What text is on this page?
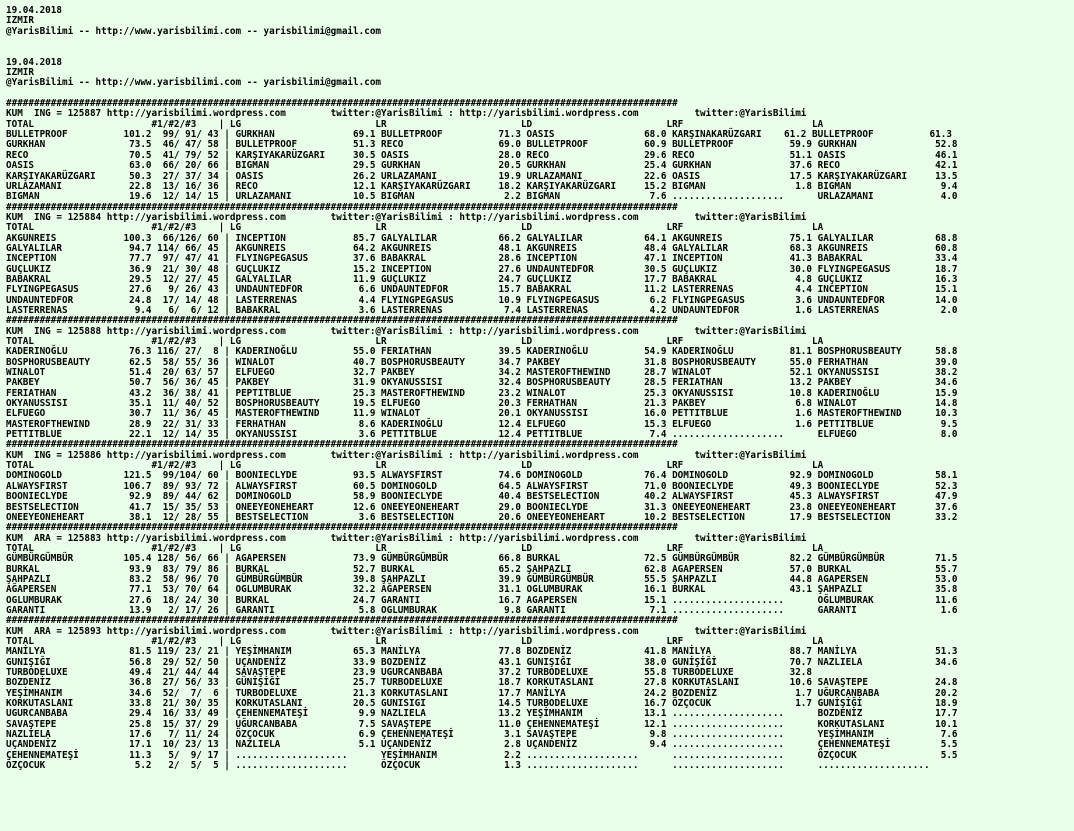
19.04.2018
IZMIR
@YarisBilimi -- http://www.yarisbilimi.com -- yarisbilimi@gmail.com
19.04.2018
IZMIR
@YarisBilimi -- http://www.yarisbilimi.com -- yarisbilimi@gmail.com
########################################################################################################################
KUM  ING = 125887 http://yarisbilimi.wordpress.com        twitter:@YarisBilimi : http://yarisbilimi.wordpress.com          twitter:@YarisBilimi
TOTAL                     #1/#2/#3    | LG                        LR                        LD                        LRF                       LA
BULLETPROOF          101.2  99/ 91/ 43 | GURKHAN              69.1 BULLETPROOF          71.3 OASIS                68.0 KARŞINAKARÜZGARI    61.2 BULLETPROOF          61.3
GURKHAN               73.5  46/ 47/ 58 | BULLETPROOF          51.3 RECO                 69.0 BULLETPROOF          60.9 BULLETPROOF          59.9 GURKHAN              52.8
RECO                  70.5  41/ 79/ 52 | KARŞIYAKARÜZGARI     30.5 OASIS                28.0 RECO                 29.6 RECO                 51.1 OASIS                46.1
OASIS                 63.0  66/ 20/ 66 | BIGMAN               29.5 GURKHAN              20.5 GURKHAN              25.4 GURKHAN              37.6 RECO                 42.1
KARŞIYAKARÜZGARI      50.3  27/ 37/ 34 | OASIS                26.2 URLAZAMANI           19.9 URLAZAMANI           22.6 OASIS                17.5 KARŞIYAKARÜZGARI     13.5
URLAZAMANI            22.8  13/ 16/ 36 | RECO                 12.1 KARŞIYAKARÜZGARI     18.2 KARŞIYAKARÜZGARI     15.2 BIGMAN                1.8 BIGMAN                9.4
BIGMAN                19.6  12/ 14/ 15 | URLAZAMANI           10.5 BIGMAN                2.2 BIGMAN                7.6 ....................      URLAZAMANI            4.0
########################################################################################################################
KUM  ING = 125884 http://yarisbilimi.wordpress.com        twitter:@YarisBilimi : http://yarisbilimi.wordpress.com          twitter:@YarisBilimi
TOTAL                     #1/#2/#3    | LG                        LR                        LD                        LRF                       LA
AKGUNREIS            100.3  66/126/ 60 | INCEPTION            85.7 GALYALILAR           66.2 GALYALILAR           64.1 AKGUNREIS            75.1 GALYALILAR           68.8
GALYALILAR            94.7 114/ 66/ 45 | AKGUNREIS            64.2 AKGUNREIS            48.1 AKGUNREIS            48.4 GALYALILAR           68.3 AKGUNREIS            60.8
INCEPTION             77.7  97/ 47/ 41 | FLYINGPEGASUS        37.6 BABAKRAL             28.6 INCEPTION            47.1 INCEPTION            41.3 BABAKRAL             33.4
GUÇLUKIZ              36.9  21/ 30/ 48 | GUÇLUKIZ             15.2 INCEPTION            27.6 UNDAUNTEDFOR         30.5 GUÇLUKIZ             30.0 FLYINGPEGASUS        18.7
BABAKRAL              29.5  12/ 27/ 45 | GALYALILAR           11.9 GUÇLUKIZ             24.7 GUÇLUKIZ             17.7 BABAKRAL              4.8 GUÇLUKIZ             16.3
FLYINGPEGASUS         27.6   9/ 26/ 43 | UNDAUNTEDFOR          6.6 UNDAUNTEDFOR         15.7 BABAKRAL             11.2 LASTERRENAS           4.4 INCEPTION            15.1
UNDAUNTEDFOR          24.8  17/ 14/ 48 | LASTERRENAS           4.4 FLYINGPEGASUS        10.9 FLYINGPEGASUS         6.2 FLYINGPEGASUS         3.6 UNDAUNTEDFOR         14.0
LASTERRENAS            9.4   6/  6/ 12 | BABAKRAL              3.6 LASTERRENAS           7.4 LASTERRENAS           4.2 UNDAUNTEDFOR          1.6 LASTERRENAS           2.0
########################################################################################################################
KUM  ING = 125888 http://yarisbilimi.wordpress.com        twitter:@YarisBilimi : http://yarisbilimi.wordpress.com          twitter:@YarisBilimi
TOTAL                     #1/#2/#3    | LG                        LR                        LD                        LRF                       LA
KADERINOĞLU           76.3 116/ 27/  8 | KADERINOĞLU          55.0 FERIATHAN            39.5 KADERINOĞLU          54.9 KADERINOĞLU          81.1 BOSPHORUSBEAUTY      58.8
BOSPHORUSBEAUTY       62.5  58/ 55/ 36 | WINALOT              40.7 BOSPHORUSBEAUTY      34.7 PAKBEY               31.8 BOSPHORUSBEAUTY      55.0 FERHATHAN            39.0
WINALOT               51.4  20/ 63/ 57 | ELFUEGO              32.7 PAKBEY               34.2 MASTEROFTHEWIND      28.7 WINALOT              52.1 OKYANUSSISI          38.2
PAKBEY                50.7  56/ 36/ 45 | PAKBEY               31.9 OKYANUSSISI          32.4 BOSPHORUSBEAUTY      28.5 FERIATHAN            13.2 PAKBEY               34.6
FERIATHAN             43.2  36/ 38/ 41 | PEPTITBLUE           25.3 MASTEROFTHEWIND      23.2 WINALOT              25.3 OKYANUSSISI          10.8 KADERINOĞLU          15.9
OKYANUSSISI           35.1  11/ 40/ 52 | BOSPHORUSBEAUTY      19.5 ELFUEGO              20.3 FERHATHAN            21.3 PAKBEY                6.8 WINALOT              14.8
ELFUEGO               30.7  11/ 36/ 45 | MASTEROFTHEWIND      11.9 WINALOT              20.1 OKYANUSSISI          16.0 PETTITBLUE            1.6 MASTEROFTHEWIND      10.3
MASTEROFTHEWIND       28.9  22/ 31/ 33 | FERHATHAN             8.6 KADERINOĞLU          12.4 ELFUEGO              15.3 ELFUEGO               1.6 PETTITBLUE            9.5
PETTITBLUE            22.1  12/ 14/ 35 | OKYANUSSISI           3.6 PETTITBLUE           12.4 PETTITBLUE            7.4 ....................      ELFUEGO               8.0
########################################################################################################################
KUM  ING = 125886 http://yarisbilimi.wordpress.com        twitter:@YarisBilimi : http://yarisbilimi.wordpress.com          twitter:@YarisBilimi
TOTAL                     #1/#2/#3    | LG                        LR                        LD                        LRF                       LA
DOMINOGOLD           121.5  99/104/ 60 | BOONIECLYDE          93.5 ALWAYSFIRST          74.6 DOMINOGOLD           76.4 DOMINOGOLD           92.9 DOMINOGOLD           58.1
ALWAYSFIRST          106.7  89/ 93/ 72 | ALWAYSFIRST          60.5 DOMINOGOLD           64.5 ALWAYSFIRST          71.0 BOONIECLYDE          49.3 BOONIECLYDE          52.3
BOONIECLYDE           92.9  89/ 44/ 62 | DOMINOGOLD           58.9 BOONIECLYDE          40.4 BESTSELECTION        40.2 ALWAYSFIRST          45.3 ALWAYSFIRST          47.9
BESTSELECTION         41.7  15/ 35/ 53 | ONEEYEONEHEART       12.6 ONEEYEONEHEART       29.0 BOONIECLYDE          31.3 ONEEYEONEHEART       23.8 ONEEYEONEHEART       37.6
ONEEYEONEHEART        38.1  12/ 28/ 55 | BESTSELECTION         3.6 BESTSELECTION        20.6 ONEEYEONEHEART       10.2 BESTSELECTION        17.9 BESTSELECTION        33.2
########################################################################################################################
KUM  ARA = 125883 http://yarisbilimi.wordpress.com        twitter:@YarisBilimi : http://yarisbilimi.wordpress.com          twitter:@YarisBilimi
TOTAL                     #1/#2/#3    | LG                        LR                        LD                        LRF                       LA
GÜMBÜRGÜMBÜR         105.4 128/ 56/ 66 | AGAPERSEN            73.9 GÜMBÜRGÜMBÜR         66.8 BURKAL               72.5 GÜMBÜRGÜMBÜR         82.2 GÜMBÜRGÜMBÜR         71.5
BURKAL                93.9  83/ 79/ 86 | BURKAL               52.7 BURKAL               65.2 ŞAHPAZLI             62.8 AGAPERSEN            57.0 BURKAL               55.7
ŞAHPAZLI              83.2  58/ 96/ 70 | GÜMBÜRGÜMBÜR         39.8 ŞAHPAZLI             39.9 GÜMBÜRGÜMBÜR         55.5 ŞAHPAZLI             44.8 AGAPERSEN            53.0
AĞAPERSEN             77.1  53/ 70/ 64 | OGLUMBURAK           32.2 AĞAPERSEN            31.1 OGLUMBURAK           16.1 BURKAL               43.1 ŞAHPAZLI             35.8
OGLUMBURAK            27.6  18/ 24/ 30 | BURKAL               24.7 GARANTI              16.7 AGAPERSEN            15.1 ....................      OĞLUMBURAK           11.6
GARANTI               13.9   2/ 17/ 26 | GARANTI               5.8 OGLUMBURAK            9.8 GARANTI               7.1 ....................      GARANTI               1.6
########################################################################################################################
KUM  ARA = 125893 http://yarisbilimi.wordpress.com        twitter:@YarisBilimi : http://yarisbilimi.wordpress.com          twitter:@YarisBilimi
TOTAL                     #1/#2/#3    | LG                        LR                        LD                        LRF                       LA
MANİLYA               81.5 119/ 23/ 21 | YEŞİMHANIM           65.3 MANİLYA              77.8 BOZDENİZ             41.8 MANİLYA              88.7 MANİLYA              51.3
GUNIŞIĞI              56.8  29/ 52/ 50 | UÇANDENİZ            33.9 BOZDENİZ             43.1 GUNIŞIĞI             38.0 GUNİŞİĞİ             70.7 NAZLIELA             34.6
TURBODELUXE           49.4  21/ 44/ 44 | SAVAŞTEPE            23.9 UGURCANBABA          37.2 TURBODELUXE          55.8 TURBODELUXE          32.8
BOZDENİZ              36.8  27/ 56/ 33 | GÜNİŞİĞİ             25.7 TURBODELUXE          18.7 KORKUTASLANI         27.8 KORKUTASLANI         10.6 SAVAŞTEPE            24.8
YEŞİMHANIM            34.6  52/  7/  6 | TURBODELUXE          21.3 KORKUTASLANI         17.7 MANİLYA              24.2 BOZDENİZ              1.7 UĞURCANBABA          20.2
KORKUTASLANI          33.8  21/ 30/ 35 | KORKUTASLANI         20.5 GUNISIGI             14.5 TURBODELUXE          16.7 ÖZÇOCUK               1.7 GUNİŞİĞİ             18.9
UGURCANBABA           29.4  16/ 33/ 49 | ÇEHENNEMATEŞİ         9.9 NAZLIELA             13.2 YEŞİMHANIM           13.1 ....................      BOZDENİZ             17.7
SAVAŞTEPE             25.8  15/ 37/ 29 | UĞURCANBABA           7.5 SAVAŞTEPE            11.0 ÇEHENNEMATEŞİ        12.1 ....................      KORKUTASLANI         10.1
NAZLIELA              17.6   7/ 11/ 24 | ÖZÇOCUK               6.9 ÇEHENNEMATEŞİ         3.1 SAVAŞTEPE             9.8 ....................      YEŞİMHANIM            7.6
UÇANDENİZ             17.1  10/ 23/ 13 | NAZLIELA              5.1 UÇANDENİZ             2.8 UÇANDENİZ             9.4 ....................      ÇEHENNEMATEŞİ         5.5
ÇEHENNEMATEŞİ         11.3   5/  9/ 17 | ....................      YEŞİMHANIM            2.2 ....................      ....................      ÖZÇOCUK               5.5
ÖZÇOCUK                5.2   2/  5/  5 | ....................      ÖZÇOCUK               1.3 ....................      ....................      ....................
